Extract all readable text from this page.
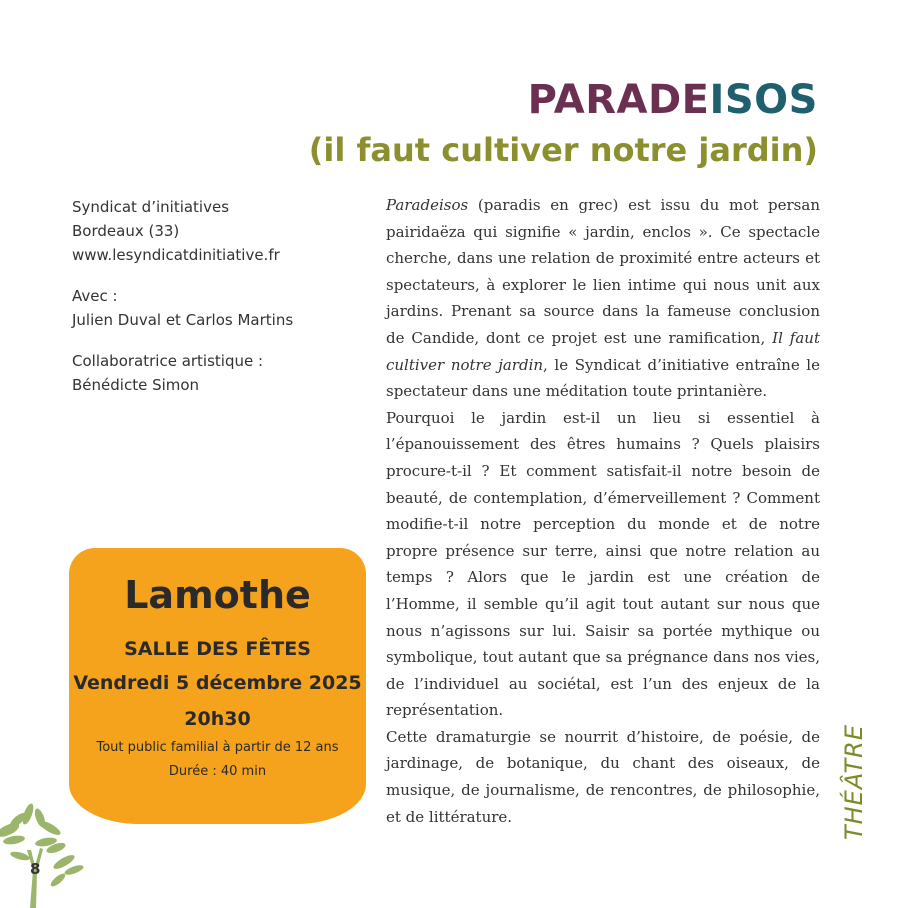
PARADEISOS
(il faut cultiver notre jardin)

Syndicat d’initiatives
Bordeaux (33)
www.lesyndicatdinitiative.fr

Avec :
Julien Duval et Carlos Martins

Collaboratrice artistique :
Bénédicte Simon

Lamothe
SALLE DES FÊTES
Vendredi 5 décembre 2025
20h30
Tout public familial à partir de 12 ans
Durée : 40 min

Paradeisos (paradis en grec) est issu du mot persan pairidaëza qui signifie « jardin, enclos ». Ce spectacle cherche, dans une relation de proximité entre acteurs et spectateurs, à explorer le lien intime qui nous unit aux jardins. Prenant sa source dans la fameuse conclusion de Candide, dont ce projet est une ramification, Il faut cultiver notre jardin, le Syndicat d’initiative entraîne le spectateur dans une méditation toute printanière.

Pourquoi le jardin est-il un lieu si essentiel à l’épanouissement des êtres humains ? Quels plaisirs procure-t-il ? Et comment satisfait-il notre besoin de beauté, de contemplation, d’émerveillement ? Comment modifie-t-il notre perception du monde et de notre propre présence sur terre, ainsi que notre relation au temps ? Alors que le jardin est une création de l’Homme, il semble qu’il agit tout autant sur nous que nous n’agissons sur lui. Saisir sa portée mythique ou symbolique, tout autant que sa prégnance dans nos vies, de l’individuel au sociétal, est l’un des enjeux de la représentation.

Cette dramaturgie se nourrit d’histoire, de poésie, de jardinage, de botanique, du chant des oiseaux, de musique, de journalisme, de rencontres, de philosophie, et de littérature.	THÉÂTRE
8
